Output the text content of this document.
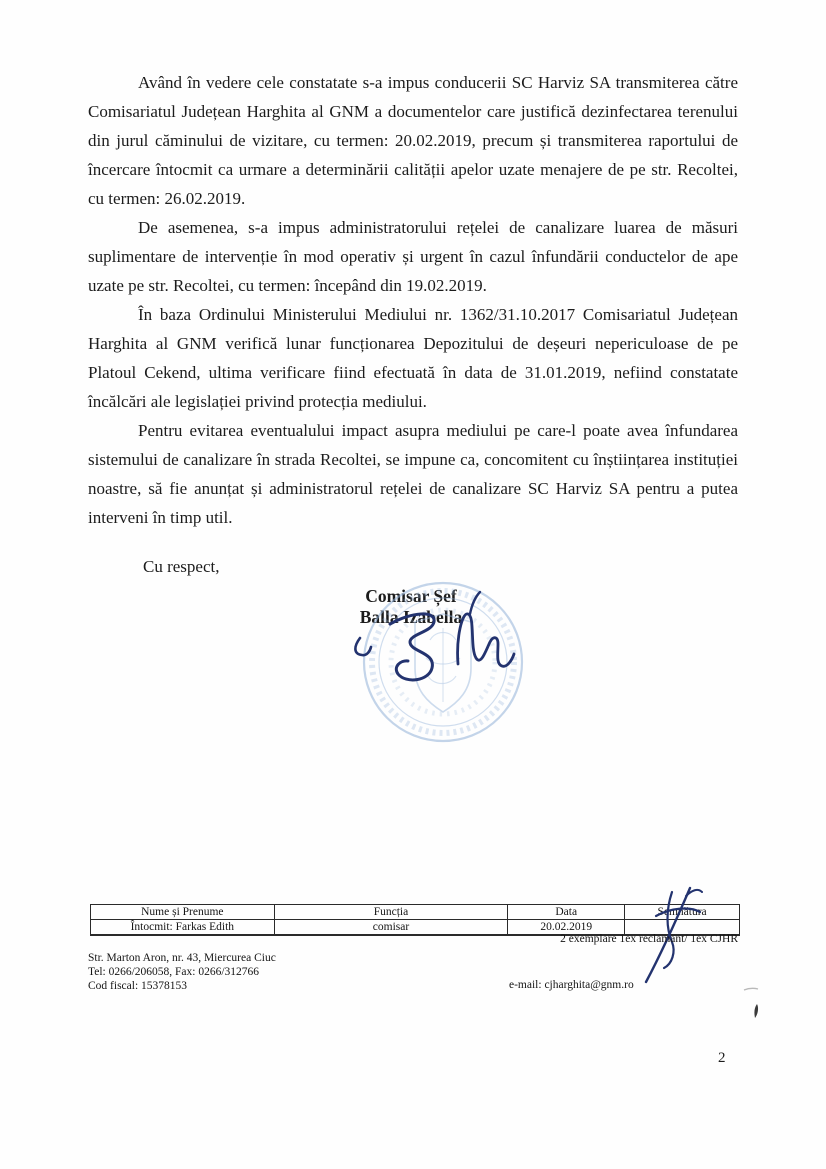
Având în vedere cele constatate s-a impus conducerii SC Harviz SA transmiterea către Comisariatul Județean Harghita al GNM a documentelor care justifică dezinfectarea terenului din jurul căminului de vizitare, cu termen: 20.02.2019, precum și transmiterea raportului de încercare întocmit ca urmare a determinării calității apelor uzate menajere de pe str. Recoltei, cu termen: 26.02.2019.

De asemenea, s-a impus administratorului rețelei de canalizare luarea de măsuri suplimentare de intervenție în mod operativ și urgent în cazul înfundării conductelor de ape uzate pe str. Recoltei, cu termen: începând din 19.02.2019.

În baza Ordinului Ministerului Mediului nr. 1362/31.10.2017 Comisariatul Județean Harghita al GNM verifică lunar funcționarea Depozitului de deșeuri nepericuloase de pe Platoul Cekend, ultima verificare fiind efectuată în data de 31.01.2019, nefiind constatate încălcări ale legislației privind protecția mediului.

Pentru evitarea eventualului impact asupra mediului pe care-l poate avea înfundarea sistemului de canalizare în strada Recoltei, se impune ca, concomitent cu înștiințarea instituției noastre, să fie anunțat și administratorul rețelei de canalizare SC Harviz SA pentru a putea interveni în timp util.

Cu respect,
Comisar Șef
Balla Izabella
Nume și Prenume	Funcția	Data	Semnătura
Întocmit: Farkas Edith	comisar	20.02.2019	
2 exemplare 1ex reclamant/ 1ex CJHR
Str. Marton Aron, nr. 43, Miercurea Ciuc
Tel: 0266/206058, Fax: 0266/312766
Cod fiscal: 15378153	e-mail: cjharghita@gnm.ro
2
